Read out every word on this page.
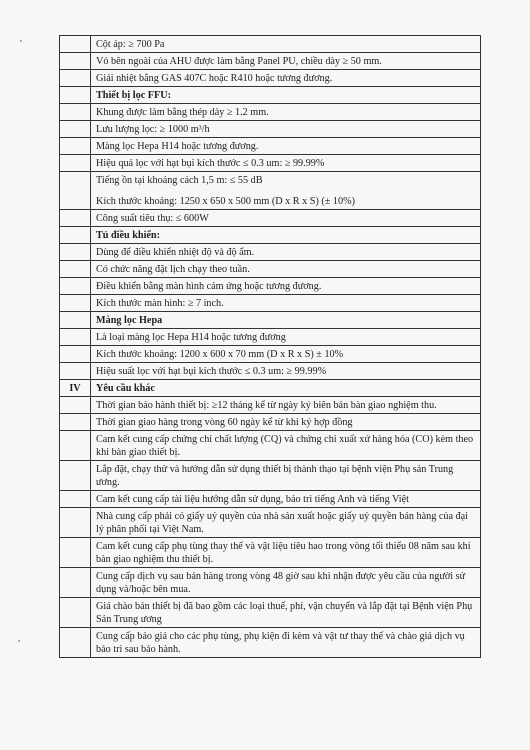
	Cột áp: ≥ 700 Pa
	Vỏ bên ngoài của AHU được làm bằng Panel PU, chiều dày ≥ 50 mm.
	Giải nhiệt bằng GAS 407C hoặc R410 hoặc tương đương.
	Thiết bị lọc FFU:
	Khung được làm bằng thép dày ≥ 1.2 mm.
	Lưu lượng lọc: ≥ 1000 m³/h
	Màng lọc Hepa H14 hoặc tương đương.
	Hiệu quả lọc với hạt bụi kích thước ≤ 0.3 um: ≥ 99.99%

	Tiếng ồn tại khoảng cách 1,5 m: ≤ 55 dB
Kích thước khoảng: 1250 x 650 x 500 mm (D x R x S) (± 10%)

	Công suất tiêu thụ: ≤ 600W
	Tủ điều khiển:
	Dùng để điều khiển nhiệt độ và độ ẩm.
	Có chức năng đặt lịch chạy theo tuần.
	Điều khiển bằng màn hình cảm ứng hoặc tương đương.
	Kích thước màn hình: ≥ 7 inch.
	Màng lọc Hepa
	Là loại màng lọc Hepa H14 hoặc tương đương
	Kích thước khoảng: 1200 x 600 x 70 mm (D x R x S) ± 10%
	Hiệu suất lọc với hạt bụi kích thước ≤ 0.3 um: ≥ 99.99%
IV	Yêu cầu khác
	Thời gian bảo hành thiết bị: ≥12 tháng kể từ ngày ký biên bản bàn giao nghiệm thu.
	Thời gian giao hàng trong vòng 60 ngày kể từ khi ký hợp đồng
	Cam kết cung cấp chứng chỉ chất lượng (CQ) và chứng chỉ xuất xứ hàng hóa (CO) kèm theo khi bàn giao thiết bị.
	Lắp đặt, chạy thử và hướng dẫn sử dụng thiết bị thành thạo tại bệnh viện Phụ sản Trung ương.
	Cam kết cung cấp tài liệu hướng dẫn sử dụng, bảo trì tiếng Anh và tiếng Việt
	Nhà cung cấp phải có giấy uỷ quyền của nhà sản xuất hoặc giấy uỷ quyền bán hàng của đại lý phân phối tại Việt Nam.
	Cam kết cung cấp phụ tùng thay thế và vật liệu tiêu hao trong vòng tối thiểu 08 năm sau khi bàn giao nghiệm thu thiết bị.
	Cung cấp dịch vụ sau bán hàng trong vòng 48 giờ sau khi nhận được yêu cầu của người sử dụng và/hoặc bên mua.
	Giá chào bán thiết bị đã bao gồm các loại thuế, phí, vận chuyển và lắp đặt tại Bệnh viện Phụ Sản Trung ương
	Cung cấp báo giá cho các phụ tùng, phụ kiện đi kèm và vật tư thay thế và chào giá dịch vụ bảo trì sau bảo hành.
